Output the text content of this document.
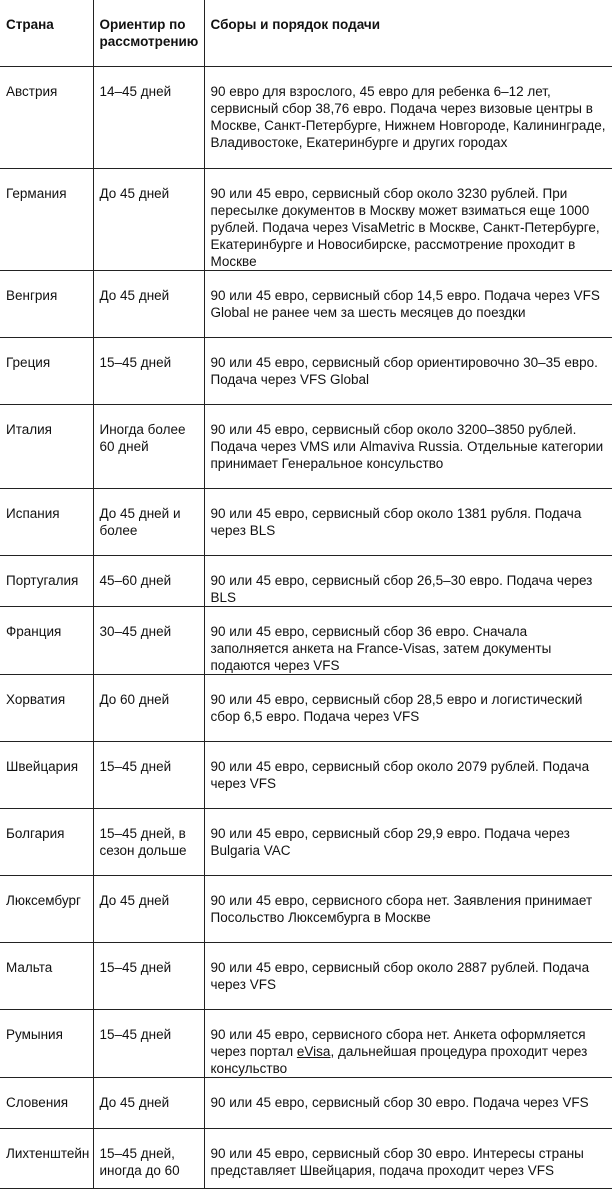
Страна	Ориентир по рассмотрению	Сборы и порядок подачи
Австрия	14–45 дней	90 евро для взрослого, 45 евро для ребенка 6–12 лет, сервисный сбор 38,76 евро. Подача через визовые центры в Москве, Санкт-Петербурге, Нижнем Новгороде, Калининграде, Владивостоке, Екатеринбурге и других городах
Германия	До 45 дней	90 или 45 евро, сервисный сбор около 3230 рублей. При пересылке документов в Москву может взиматься еще 1000 рублей. Подача через VisaMetric в Москве, Санкт-Петербурге, Екатеринбурге и Новосибирске, рассмотрение проходит в Москве
Венгрия	До 45 дней	90 или 45 евро, сервисный сбор 14,5 евро. Подача через VFS Global не ранее чем за шесть месяцев до поездки
Греция	15–45 дней	90 или 45 евро, сервисный сбор ориентировочно 30–35 евро. Подача через VFS Global
Италия	Иногда более 60 дней	90 или 45 евро, сервисный сбор около 3200–3850 рублей. Подача через VMS или Almaviva Russia. Отдельные категории принимает Генеральное консульство
Испания	До 45 дней и более	90 или 45 евро, сервисный сбор около 1381 рубля. Подача через BLS
Португалия	45–60 дней	90 или 45 евро, сервисный сбор 26,5–30 евро. Подача через BLS
Франция	30–45 дней	90 или 45 евро, сервисный сбор 36 евро. Сначала заполняется анкета на France-Visas, затем документы подаются через VFS
Хорватия	До 60 дней	90 или 45 евро, сервисный сбор 28,5 евро и логистический сбор 6,5 евро. Подача через VFS
Швейцария	15–45 дней	90 или 45 евро, сервисный сбор около 2079 рублей. Подача через VFS
Болгария	15–45 дней, в сезон дольше	90 или 45 евро, сервисный сбор 29,9 евро. Подача через Bulgaria VAC
Люксембург	До 45 дней	90 или 45 евро, сервисного сбора нет. Заявления принимает Посольство Люксембурга в Москве
Мальта	15–45 дней	90 или 45 евро, сервисный сбор около 2887 рублей. Подача через VFS
Румыния	15–45 дней	90 или 45 евро, сервисного сбора нет. Анкета оформляется через портал eVisa, дальнейшая процедура проходит через консульство
Словения	До 45 дней	90 или 45 евро, сервисный сбор 30 евро. Подача через VFS
Лихтенштейн	15–45 дней, иногда до 60	90 или 45 евро, сервисный сбор 30 евро. Интересы страны представляет Швейцария, подача проходит через VFS
